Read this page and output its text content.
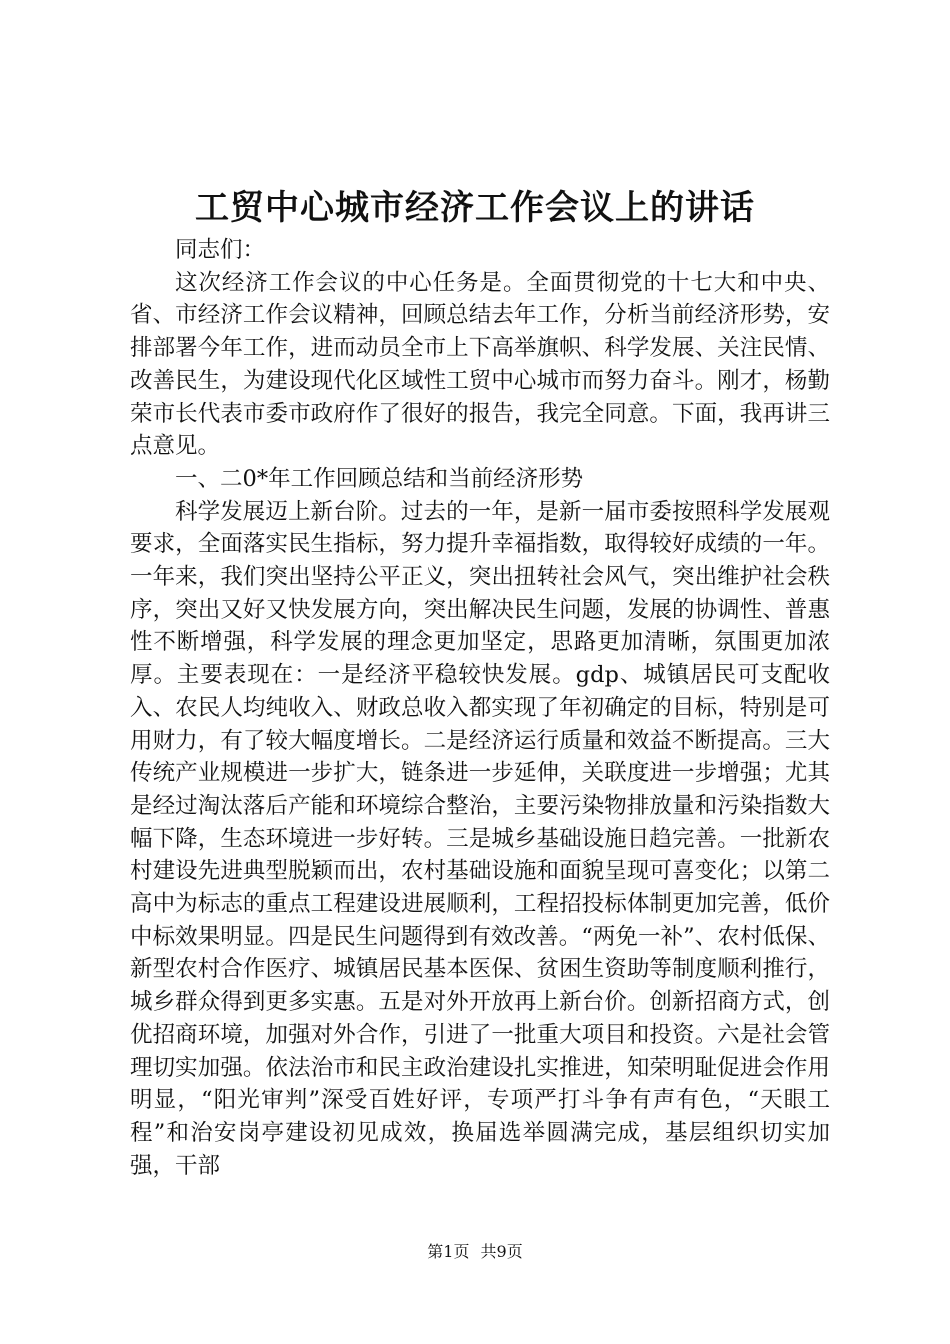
工贸中心城市经济工作会议上的讲话

同志们：

这次经济工作会议的中心任务是。全面贯彻党的十七大和中央、省、市经济工作会议精神，回顾总结去年工作，分析当前经济形势，安排部署今年工作，进而动员全市上下高举旗帜、科学发展、关注民情、改善民生，为建设现代化区域性工贸中心城市而努力奋斗。刚才，杨勤荣市长代表市委市政府作了很好的报告，我完全同意。下面，我再讲三点意见。

一、二0*年工作回顾总结和当前经济形势

科学发展迈上新台阶。过去的一年，是新一届市委按照科学发展观要求，全面落实民生指标，努力提升幸福指数，取得较好成绩的一年。一年来，我们突出坚持公平正义，突出扭转社会风气，突出维护社会秩序，突出又好又快发展方向，突出解决民生问题，发展的协调性、普惠性不断增强，科学发展的理念更加坚定，思路更加清晰，氛围更加浓厚。主要表现在：一是经济平稳较快发展。gdp、城镇居民可支配收入、农民人均纯收入、财政总收入都实现了年初确定的目标，特别是可用财力，有了较大幅度增长。二是经济运行质量和效益不断提高。三大传统产业规模进一步扩大，链条进一步延伸，关联度进一步增强；尤其是经过淘汰落后产能和环境综合整治，主要污染物排放量和污染指数大幅下降，生态环境进一步好转。三是城乡基础设施日趋完善。一批新农村建设先进典型脱颖而出，农村基础设施和面貌呈现可喜变化；以第二高中为标志的重点工程建设进展顺利，工程招投标体制更加完善，低价中标效果明显。四是民生问题得到有效改善。“两免一补”、农村低保、新型农村合作医疗、城镇居民基本医保、贫困生资助等制度顺利推行，城乡群众得到更多实惠。五是对外开放再上新台价。创新招商方式，创优招商环境，加强对外合作，引进了一批重大项目和投资。六是社会管理切实加强。依法治市和民主政治建设扎实推进，知荣明耻促进会作用明显，“阳光审判”深受百姓好评，专项严打斗争有声有色，“天眼工程”和治安岗亭建设初见成效，换届选举圆满完成，基层组织切实加强，干部

第1页 共9页
